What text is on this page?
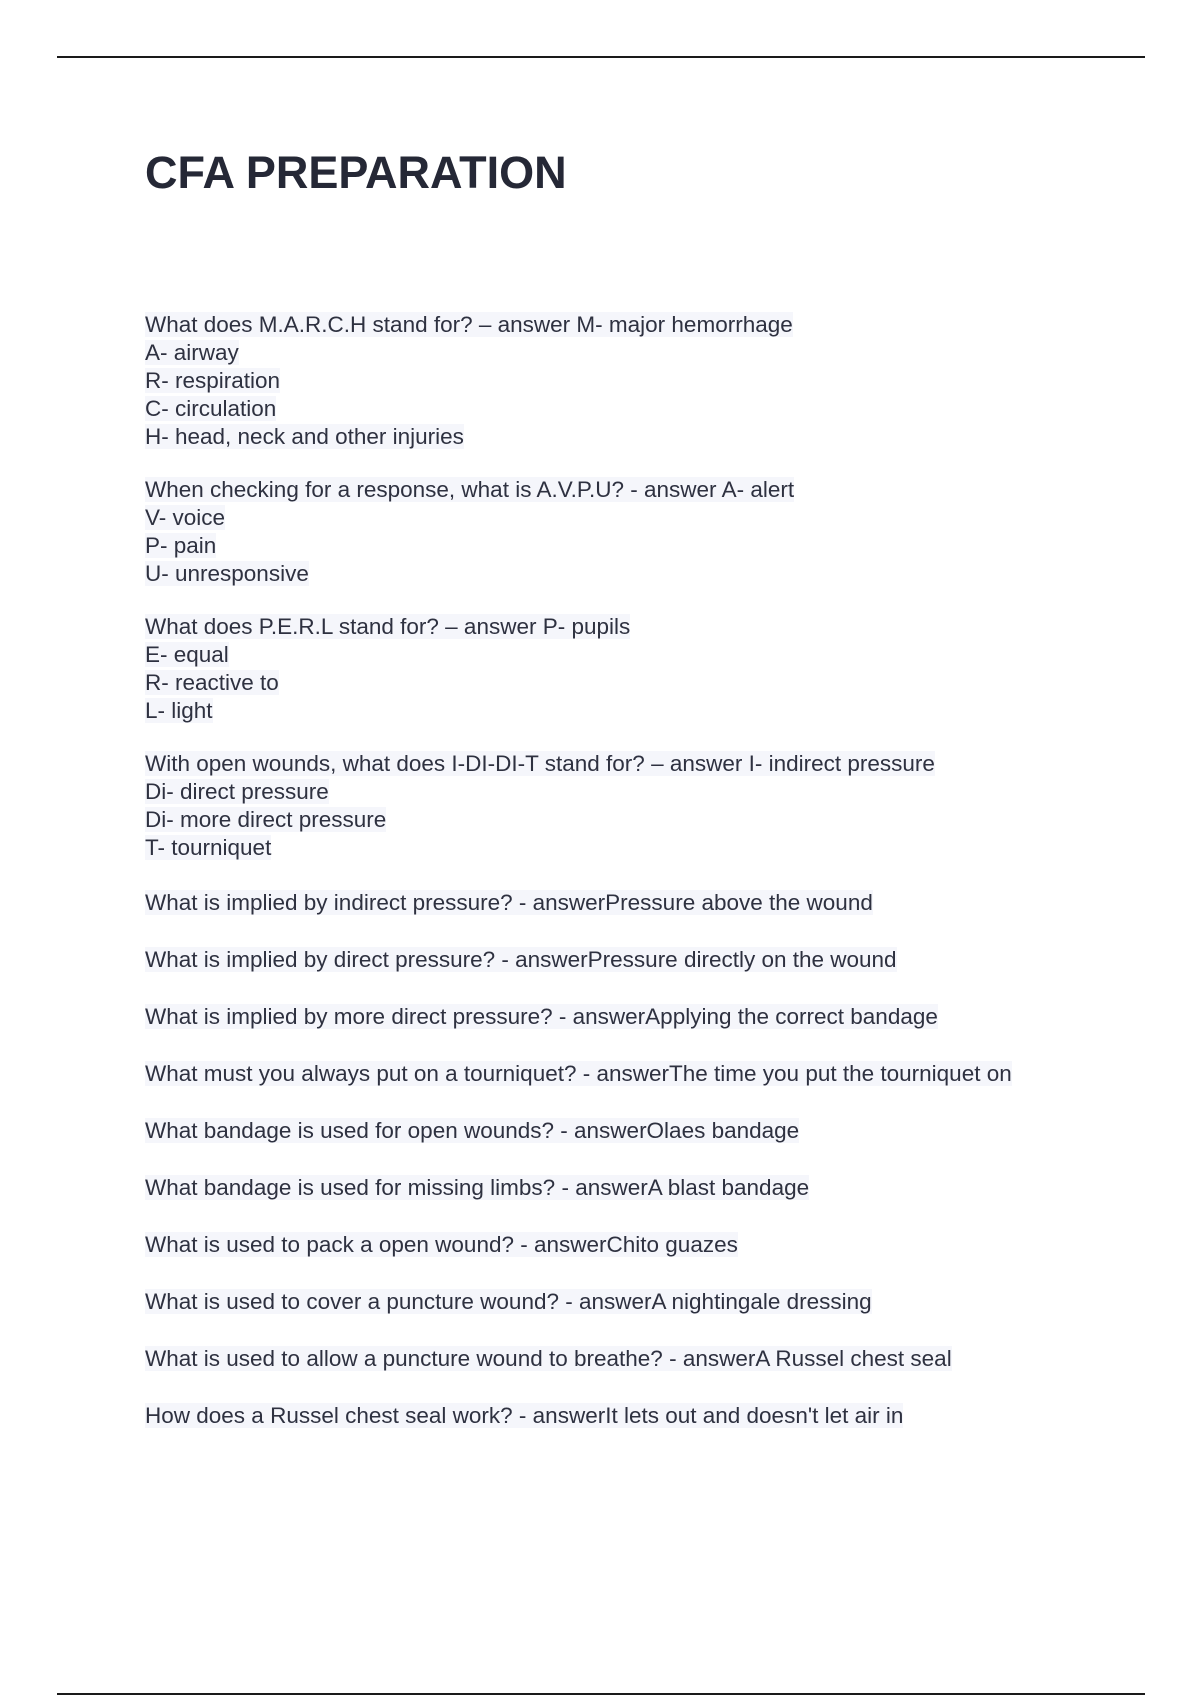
CFA PREPARATION
What does M.A.R.C.H stand for? – answer M- major hemorrhage
A- airway
R- respiration
C- circulation
H- head, neck and other injuries
When checking for a response, what is A.V.P.U? - answer A- alert
V- voice
P- pain
U- unresponsive
What does P.E.R.L stand for? – answer P- pupils
E- equal
R- reactive to
L- light
With open wounds, what does I-DI-DI-T stand for? – answer I- indirect pressure
Di- direct pressure
Di- more direct pressure
T- tourniquet
What is implied by indirect pressure? - answerPressure above the wound
What is implied by direct pressure? - answerPressure directly on the wound
What is implied by more direct pressure? - answerApplying the correct bandage
What must you always put on a tourniquet? - answerThe time you put the tourniquet on
What bandage is used for open wounds? - answerOlaes bandage
What bandage is used for missing limbs? - answerA blast bandage
What is used to pack a open wound? - answerChito guazes
What is used to cover a puncture wound? - answerA nightingale dressing
What is used to allow a puncture wound to breathe? - answerA Russel chest seal
How does a Russel chest seal work? - answerIt lets out and doesn't let air in
